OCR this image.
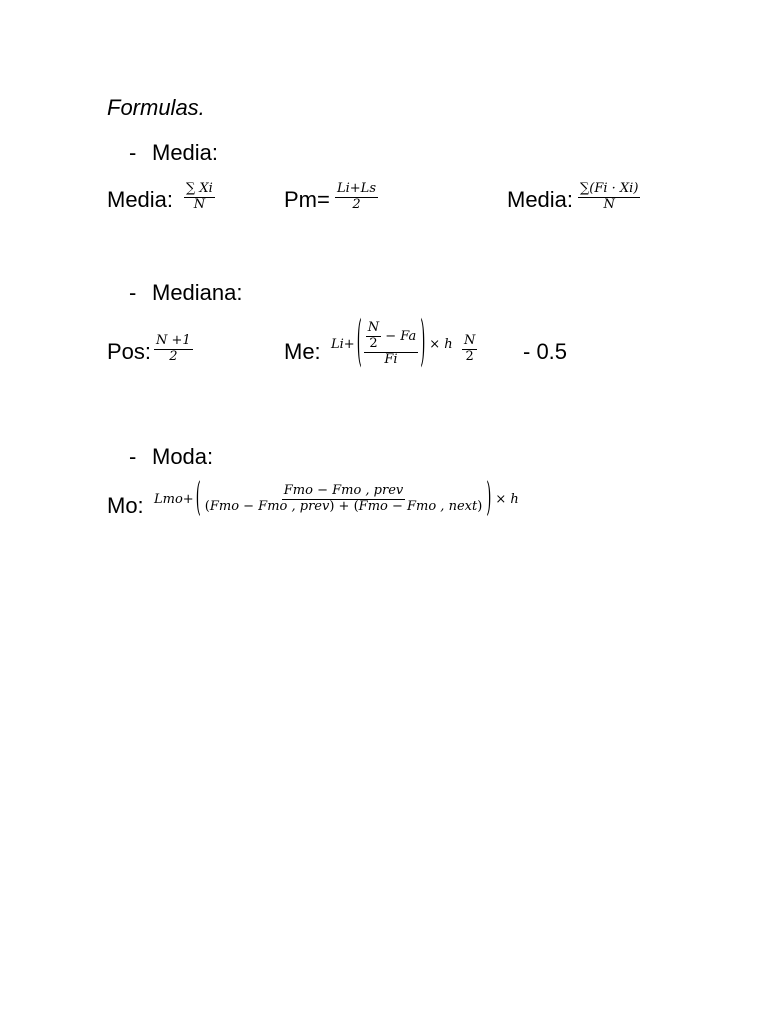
Formulas.
- Media:
Media: $\frac{\sum Xi}{N}$	$Pm= \frac{Li+Ls}{2}$	Media: $\frac{\sum(Fi \cdot Xi)}{N}$
- Mediana:
Pos: $\frac{N +1}{2}$	Me: Li+ ( $\frac{\frac{N}{2} - Fa}{Fi}$ ) × h $\frac{N}{2} - 0.5$
- Moda:
Mo: Lmo+ ( $\frac{\text{Fmo − Fmo , prev}}{\text{(Fmo − Fmo , prev) + (Fmo − Fmo , next)}}$ ) × h
